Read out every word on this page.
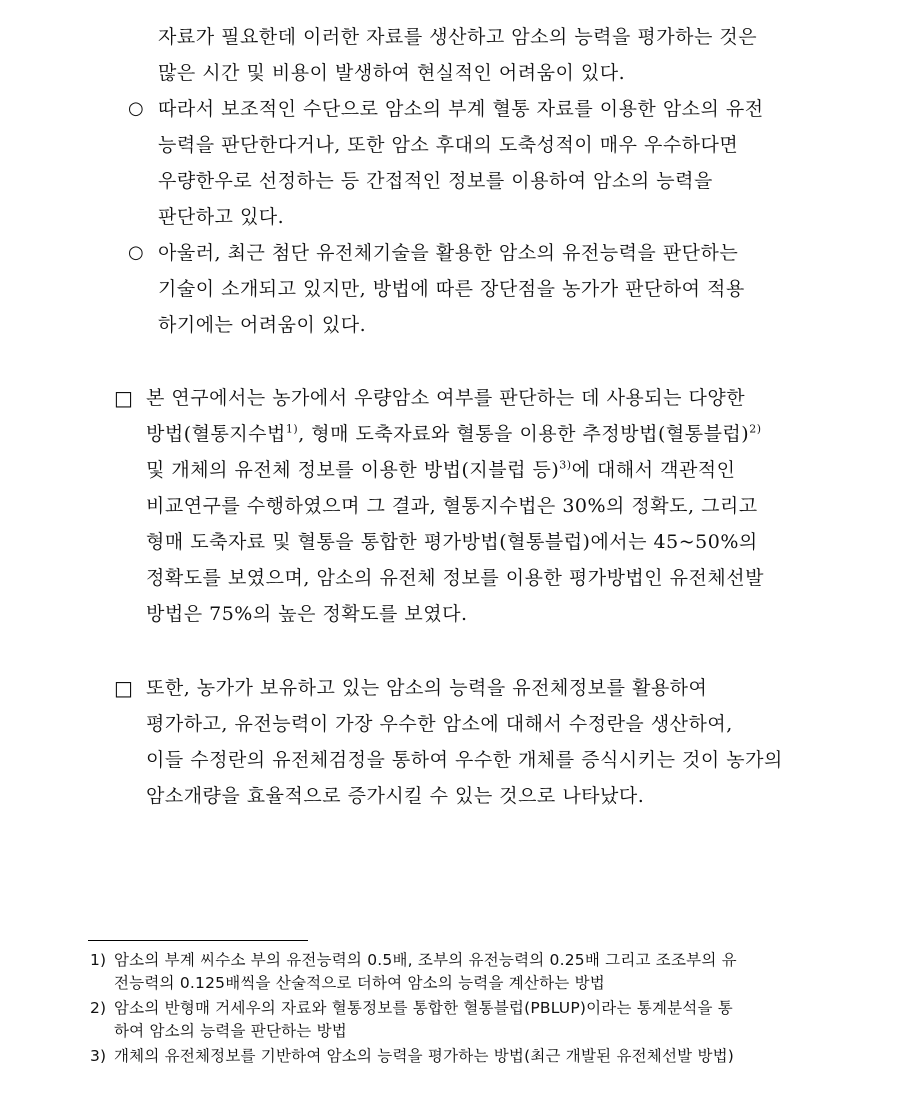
자료가 필요한데 이러한 자료를 생산하고 암소의 능력을 평가하는 것은
많은 시간 및 비용이 발생하여 현실적인 어려움이 있다.
○ 따라서 보조적인 수단으로 암소의 부계 혈통 자료를 이용한 암소의 유전
능력을 판단한다거나, 또한 암소 후대의 도축성적이 매우 우수하다면
우량한우로 선정하는 등 간접적인 정보를 이용하여 암소의 능력을
판단하고 있다.
○ 아울러, 최근 첨단 유전체기술을 활용한 암소의 유전능력을 판단하는
기술이 소개되고 있지만, 방법에 따른 장단점을 농가가 판단하여 적용
하기에는 어려움이 있다.
□ 본 연구에서는 농가에서 우량암소 여부를 판단하는 데 사용되는 다양한
방법(혈통지수법$^{1)}$, 형매 도축자료와 혈통을 이용한 추정방법(혈통블럽)$^{2)}$
및 개체의 유전체 정보를 이용한 방법(지블럽 등)$^{3)}$에 대해서 객관적인
비교연구를 수행하였으며 그 결과, 혈통지수법은 30%의 정확도, 그리고
형매 도축자료 및 혈통을 통합한 평가방법(혈통블럽)에서는 45~50%의
정확도를 보였으며, 암소의 유전체 정보를 이용한 평가방법인 유전체선발
방법은 75%의 높은 정확도를 보였다.
□ 또한, 농가가 보유하고 있는 암소의 능력을 유전체정보를 활용하여
평가하고, 유전능력이 가장 우수한 암소에 대해서 수정란을 생산하여,
이들 수정란의 유전체검정을 통하여 우수한 개체를 증식시키는 것이 농가의
암소개량을 효율적으로 증가시킬 수 있는 것으로 나타났다.
1) 암소의 부계 씨수소 부의 유전능력의 0.5배, 조부의 유전능력의 0.25배 그리고 조조부의 유
전능력의 0.125배씩을 산술적으로 더하여 암소의 능력을 계산하는 방법
2) 암소의 반형매 거세우의 자료와 혈통정보를 통합한 혈통블럽(PBLUP)이라는 통계분석을 통
하여 암소의 능력을 판단하는 방법
3) 개체의 유전체정보를 기반하여 암소의 능력을 평가하는 방법(최근 개발된 유전체선발 방법)
